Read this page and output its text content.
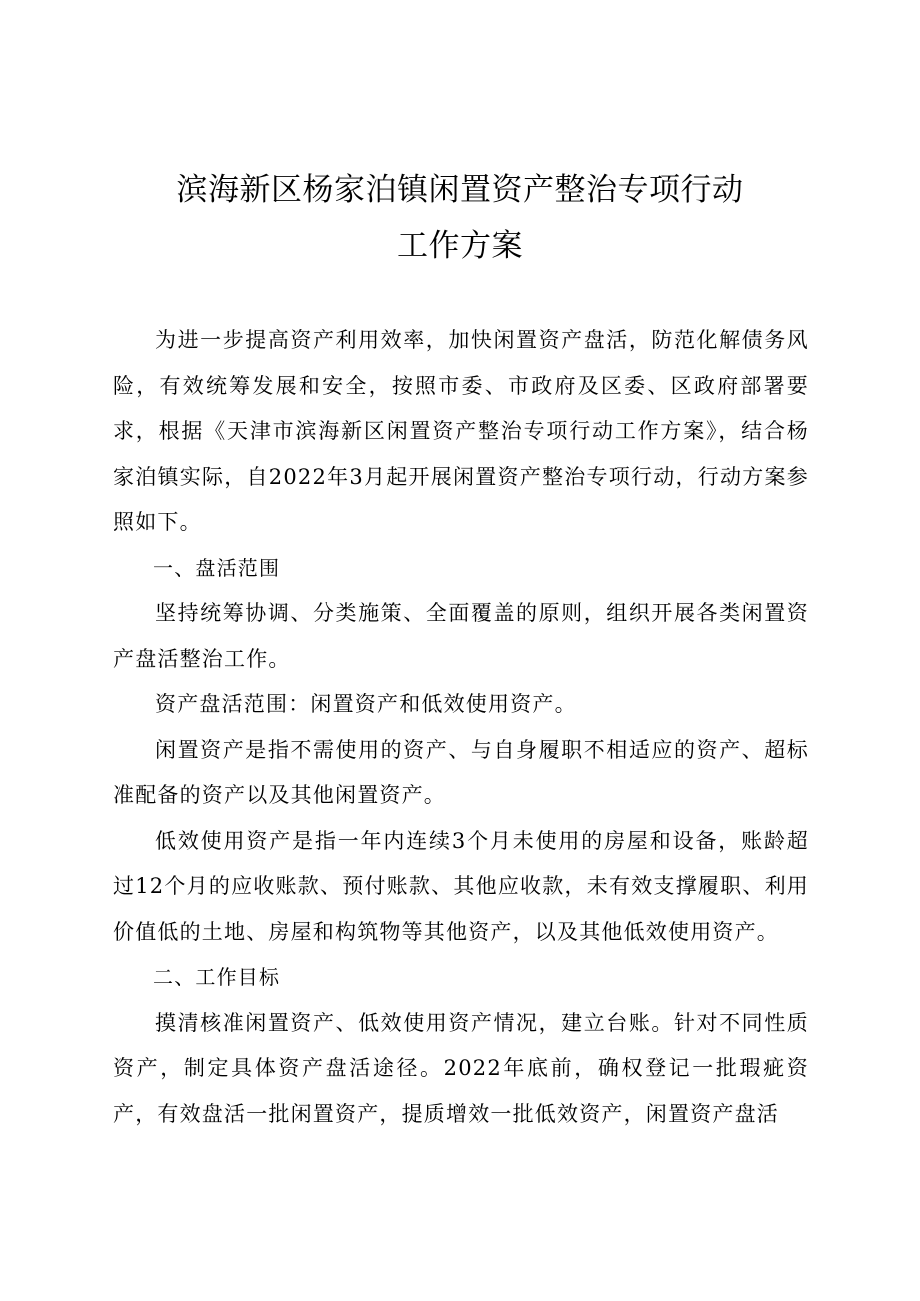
滨海新区杨家泊镇闲置资产整治专项行动
工作方案

为进一步提高资产利用效率，加快闲置资产盘活，防范化解债务风险，有效统筹发展和安全，按照市委、市政府及区委、区政府部署要求，根据《天津市滨海新区闲置资产整治专项行动工作方案》，结合杨家泊镇实际，自2022年3月起开展闲置资产整治专项行动，行动方案参照如下。

一、盘活范围

坚持统筹协调、分类施策、全面覆盖的原则，组织开展各类闲置资产盘活整治工作。

资产盘活范围：闲置资产和低效使用资产。

闲置资产是指不需使用的资产、与自身履职不相适应的资产、超标准配备的资产以及其他闲置资产。

低效使用资产是指一年内连续3个月未使用的房屋和设备，账龄超过12个月的应收账款、预付账款、其他应收款，未有效支撑履职、利用价值低的土地、房屋和构筑物等其他资产，以及其他低效使用资产。

二、工作目标

摸清核准闲置资产、低效使用资产情况，建立台账。针对不同性质资产，制定具体资产盘活途径。2022年底前，确权登记一批瑕疵资产，有效盘活一批闲置资产，提质增效一批低效资产，闲置资产盘活
